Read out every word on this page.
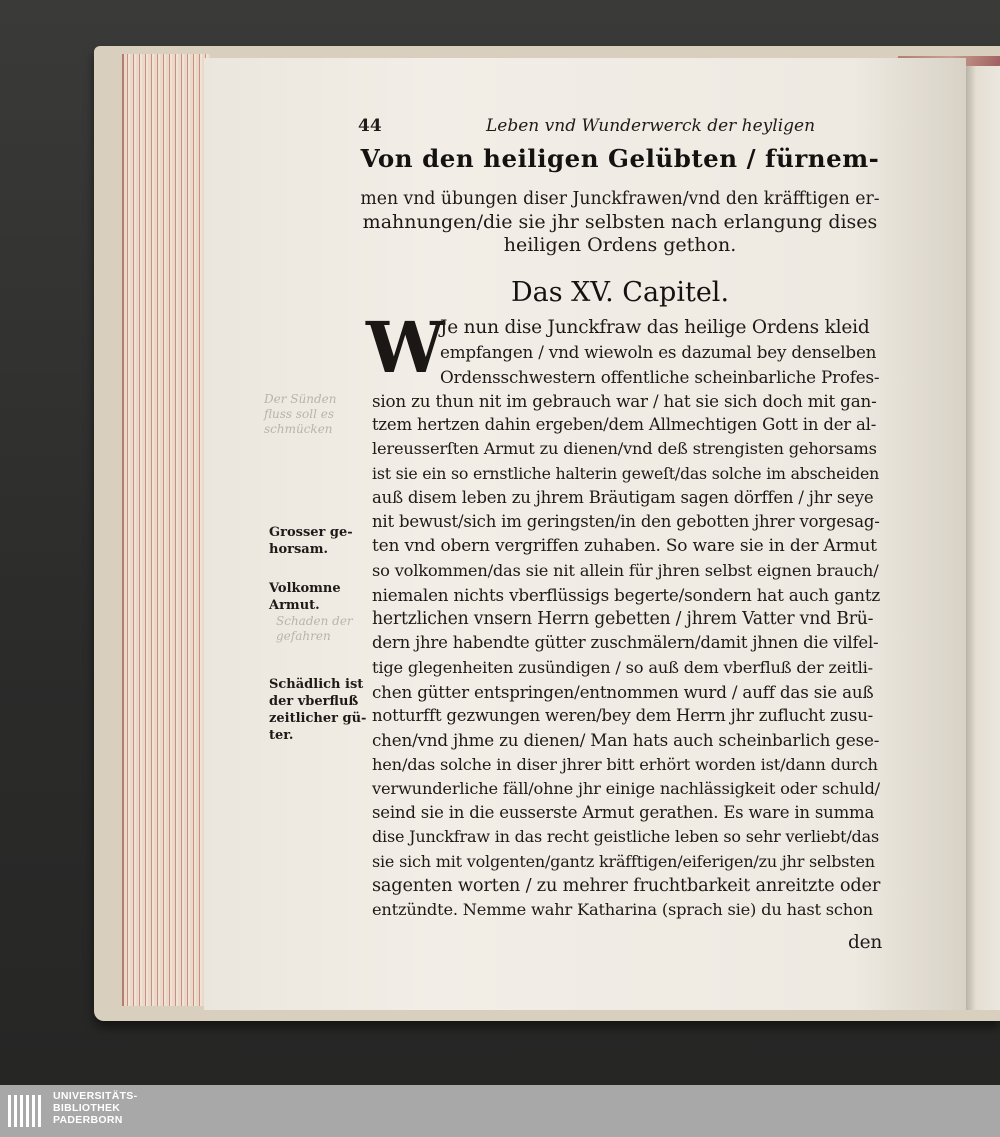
Der Sünden
fluss soll es
schmücken
Schaden der
gefahren
44	Leben vnd Wunderwerck der heyligen
Von den heiligen Gelübten / fürnem-
men vnd übungen diser Junckfrawen/vnd den kräfftigen er-
mahnungen/die sie jhr selbsten nach erlangung dises
heiligen Ordens gethon.
Das XV. Capitel.
W
Je nun dise Junckfraw das heilige Ordens kleid
empfangen / vnd wiewoln es dazumal bey denselben
Ordensschwestern offentliche scheinbarliche Profes-
sion zu thun nit im gebrauch war / hat sie sich doch mit gan-
tzem hertzen dahin ergeben/dem Allmechtigen Gott in der al-
lereusserſten Armut zu dienen/vnd deß strengisten gehorsams
ist sie ein so ernstliche halterin geweſt/das solche im abscheiden
auß disem leben zu jhrem Bräutigam sagen dörffen / jhr seye
nit bewust/sich im geringsten/in den gebotten jhrer vorgesag-
ten vnd obern vergriffen zuhaben. So ware sie in der Armut
so volkommen/das sie nit allein für jhren selbst eignen brauch/
niemalen nichts vberflüssigs begerte/sondern hat auch gantz
hertzlichen vnsern Herrn gebetten / jhrem Vatter vnd Brü-
dern jhre habendte gütter zuschmälern/damit jhnen die vilfel-
tige glegenheiten zusündigen / so auß dem vberfluß der zeitli-
chen gütter entspringen/entnommen wurd / auff das sie auß
notturfft gezwungen weren/bey dem Herrn jhr zuflucht zusu-
chen/vnd jhme zu dienen/ Man hats auch scheinbarlich gese-
hen/das solche in diser jhrer bitt erhört worden ist/dann durch
verwunderliche fäll/ohne jhr einige nachlässigkeit oder schuld/
seind sie in die eusserste Armut gerathen. Es ware in summa
dise Junckfraw in das recht geistliche leben so sehr verliebt/das
sie sich mit volgenten/gantz kräfftigen/eiferigen/zu jhr selbsten
sagenten worten / zu mehrer fruchtbarkeit anreitzte oder
entzündte. Nemme wahr Katharina (sprach sie) du hast schon
den
Grosser ge-
horsam.
Volkomne
Armut.
Schädlich ist
der vberfluß
zeitlicher gü-
ter.
UNIVERSITÄTS-
BIBLIOTHEK
PADERBORN
